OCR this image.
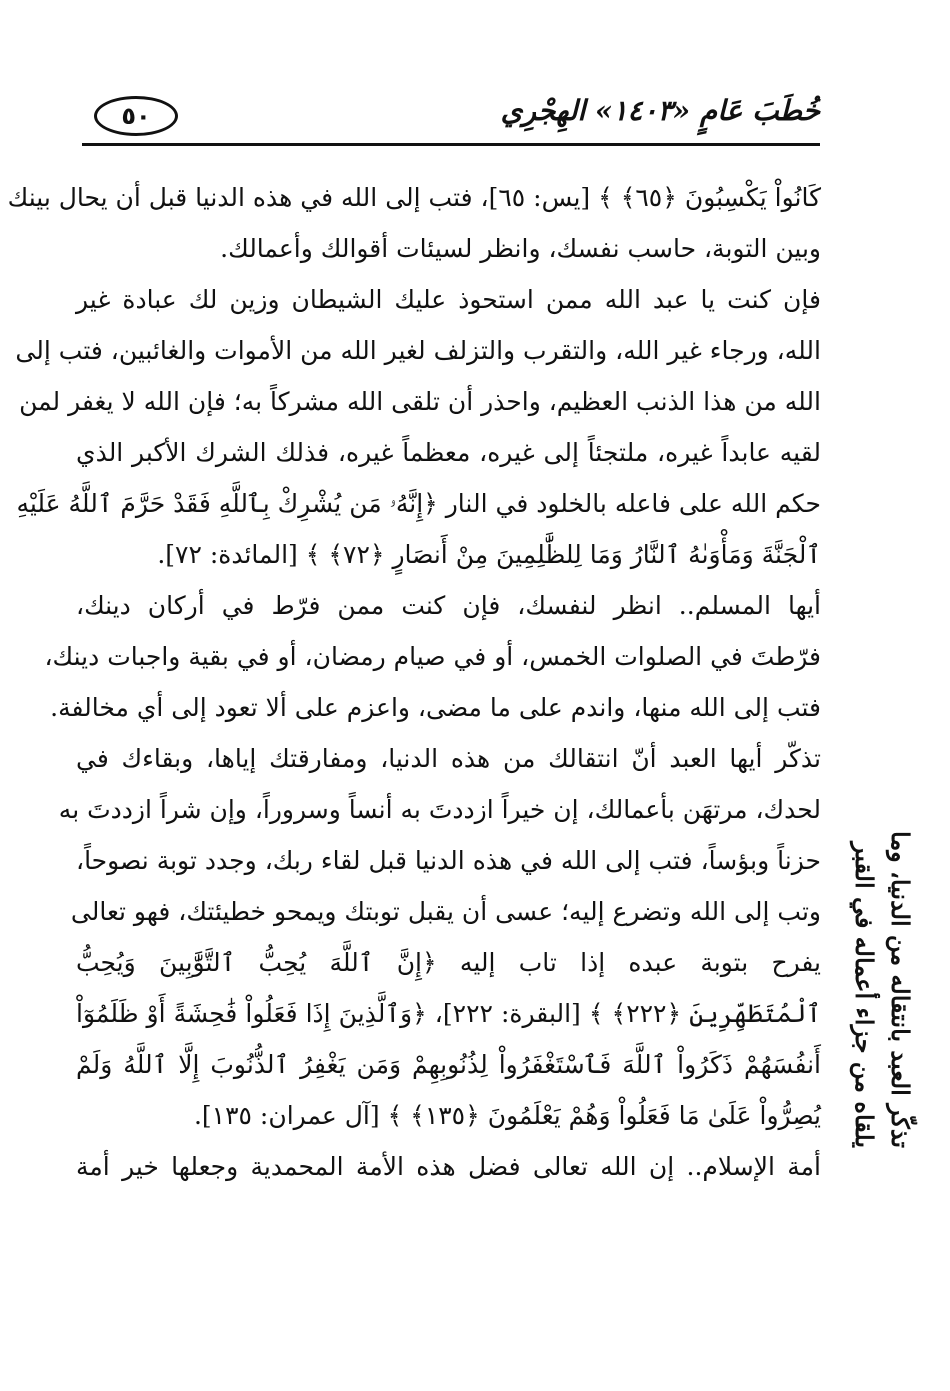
٥٠	خُطَبَ عَامٍ «١٤٠٣» الهِجْرِي
كَانُواْ يَكْسِبُونَ ﴿٦٥﴾ ﴾ [يس: ٦٥]، فتب إلى الله في هذه الدنيا قبل أن يحال بينك
وبين التوبة، حاسب نفسك، وانظر لسيئات أقوالك وأعمالك.
فإن كنت يا عبد الله ممن استحوذ عليك الشيطان وزين لك عبادة غير
الله، ورجاء غير الله، والتقرب والتزلف لغير الله من الأموات والغائبين، فتب إلى
الله من هذا الذنب العظيم، واحذر أن تلقى الله مشركاً به؛ فإن الله لا يغفر لمن
لقيه عابداً غيره، ملتجئاً إلى غيره، معظماً غيره، فذلك الشرك الأكبر الذي
حكم الله على فاعله بالخلود في النار ﴿إِنَّهُۥ مَن يُشْرِكْ بِٱللَّهِ فَقَدْ حَرَّمَ ٱللَّهُ عَلَيْهِ
ٱلْجَنَّةَ وَمَأْوَىٰهُ ٱلنَّارُ وَمَا لِلظَّٰلِمِينَ مِنْ أَنصَارٍ ﴿٧٢﴾ ﴾ [المائدة: ٧٢].
أيها المسلم.. انظر لنفسك، فإن كنت ممن فرّط في أركان دينك،
فرّطتَ في الصلوات الخمس، أو في صيام رمضان، أو في بقية واجبات دينك،
فتب إلى الله منها، واندم على ما مضى، واعزم على ألا تعود إلى أي مخالفة.
تذكّر أيها العبد أنّ انتقالك من هذه الدنيا، ومفارقتك إياها، وبقاءك في
لحدك، مرتهَن بأعمالك، إن خيراً ازددتَ به أنساً وسروراً، وإن شراً ازددتَ به
حزناً وبؤساً، فتب إلى الله في هذه الدنيا قبل لقاء ربك، وجدد توبة نصوحاً،
وتب إلى الله وتضرع إليه؛ عسى أن يقبل توبتك ويمحو خطيئتك، فهو تعالى
يفرح بتوبة عبده إذا تاب إليه ﴿إِنَّ ٱللَّهَ يُحِبُّ ٱلتَّوَّٰبِينَ وَيُحِبُّ
ٱلْمُتَطَهِّرِينَ ﴿٢٢٢﴾ ﴾ [البقرة: ٢٢٢]، ﴿وَٱلَّذِينَ إِذَا فَعَلُواْ فَٰحِشَةً أَوْ ظَلَمُوٓاْ
أَنفُسَهُمْ ذَكَرُواْ ٱللَّهَ فَٱسْتَغْفَرُواْ لِذُنُوبِهِمْ وَمَن يَغْفِرُ ٱلذُّنُوبَ إِلَّا ٱللَّهُ وَلَمْ
يُصِرُّواْ عَلَىٰ مَا فَعَلُواْ وَهُمْ يَعْلَمُونَ ﴿١٣٥﴾ ﴾ [آل عمران: ١٣٥].
أمة الإسلام.. إن الله تعالى فضل هذه الأمة المحمدية وجعلها خير أمة
تذكّر العبد بانتقاله من الدنيا، وما
يلقاه من جزاء أعماله في القبر
